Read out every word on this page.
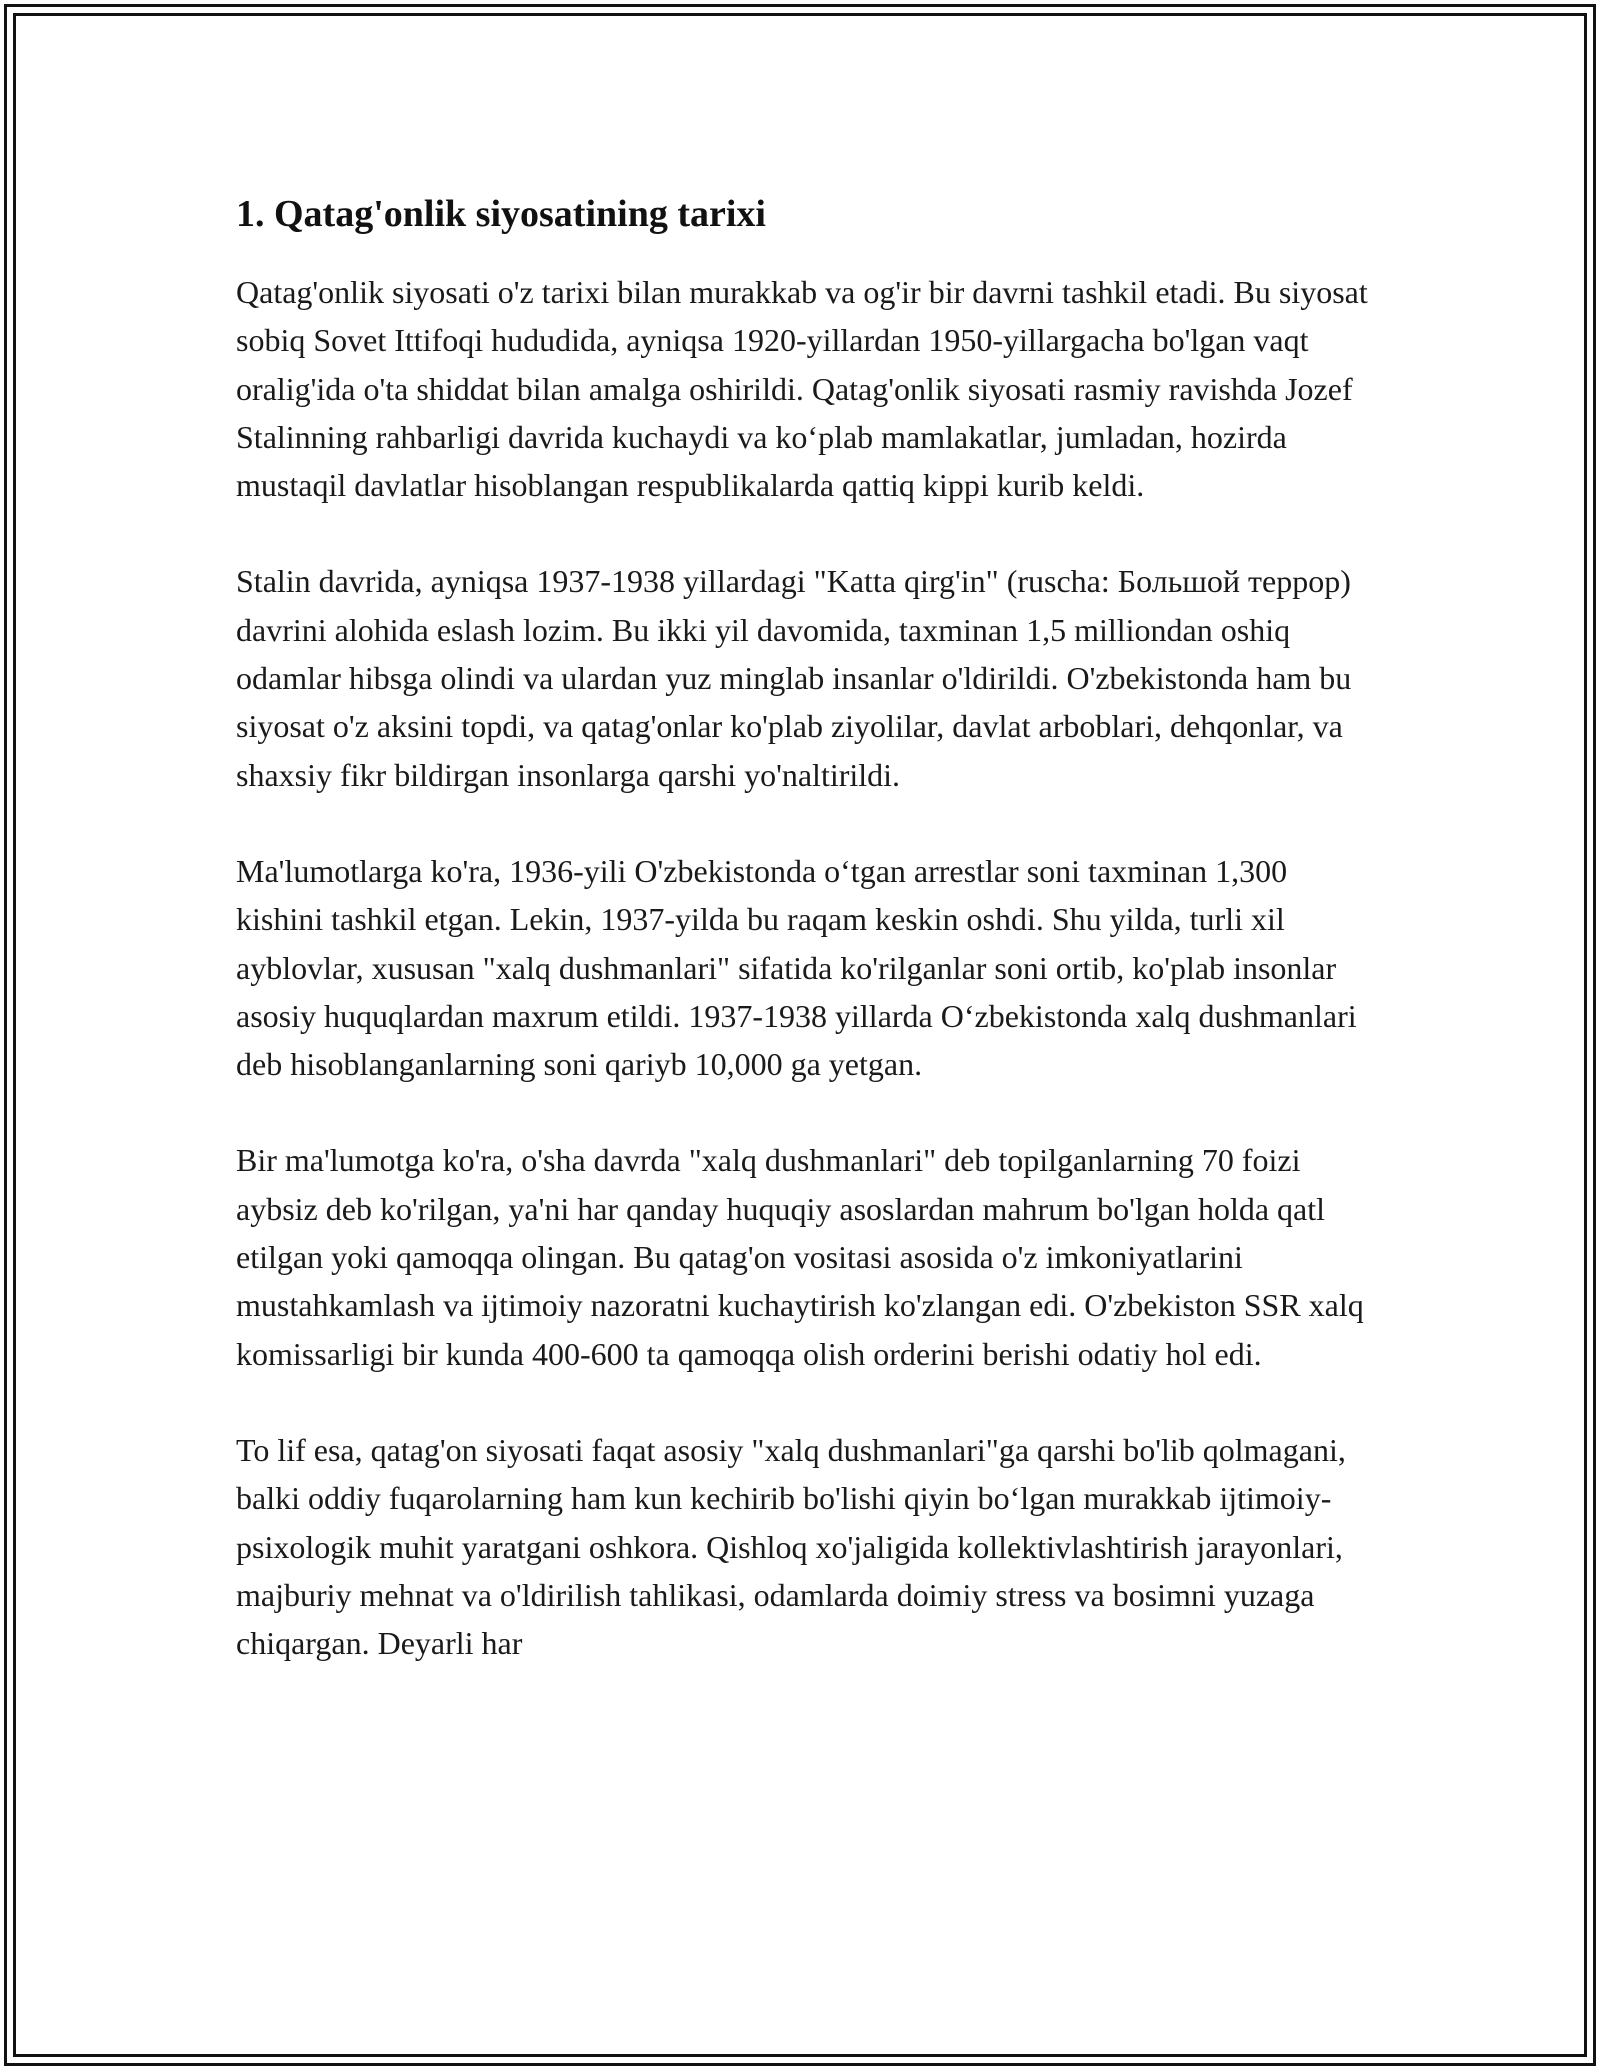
1. Qatag'onlik siyosatining tarixi

Qatag'onlik siyosati o'z tarixi bilan murakkab va og'ir bir davrni tashkil etadi. Bu siyosat sobiq Sovet Ittifoqi hududida, ayniqsa 1920-yillardan 1950-yillargacha bo'lgan vaqt oralig'ida o'ta shiddat bilan amalga oshirildi. Qatag'onlik siyosati rasmiy ravishda Jozef Stalinning rahbarligi davrida kuchaydi va ko‘plab mamlakatlar, jumladan, hozirda mustaqil davlatlar hisoblangan respublikalarda qattiq kippi kurib keldi.

Stalin davrida, ayniqsa 1937-1938 yillardagi "Katta qirg'in" (ruscha: Большой террор) davrini alohida eslash lozim. Bu ikki yil davomida, taxminan 1,5 milliondan oshiq odamlar hibsga olindi va ulardan yuz minglab insanlar o'ldirildi. O'zbekistonda ham bu siyosat o'z aksini topdi, va qatag'onlar ko'plab ziyolilar, davlat arboblari, dehqonlar, va shaxsiy fikr bildirgan insonlarga qarshi yo'naltirildi.

Ma'lumotlarga ko'ra, 1936-yili O'zbekistonda o‘tgan arrestlar soni taxminan 1,300 kishini tashkil etgan. Lekin, 1937-yilda bu raqam keskin oshdi. Shu yilda, turli xil ayblovlar, xususan "xalq dushmanlari" sifatida ko'rilganlar soni ortib, ko'plab insonlar asosiy huquqlardan maxrum etildi. 1937-1938 yillarda O‘zbekistonda xalq dushmanlari deb hisoblanganlarning soni qariyb 10,000 ga yetgan.

Bir ma'lumotga ko'ra, o'sha davrda "xalq dushmanlari" deb topilganlarning 70 foizi aybsiz deb ko'rilgan, ya'ni har qanday huquqiy asoslardan mahrum bo'lgan holda qatl etilgan yoki qamoqqa olingan. Bu qatag'on vositasi asosida o'z imkoniyatlarini mustahkamlash va ijtimoiy nazoratni kuchaytirish ko'zlangan edi. O'zbekiston SSR xalq komissarligi bir kunda 400-600 ta qamoqqa olish orderini berishi odatiy hol edi.

To lif esa, qatag'on siyosati faqat asosiy "xalq dushmanlari"ga qarshi bo'lib qolmagani, balki oddiy fuqarolarning ham kun kechirib bo'lishi qiyin bo‘lgan murakkab ijtimoiy-psixologik muhit yaratgani oshkora. Qishloq xo'jaligida kollektivlashtirish jarayonlari, majburiy mehnat va o'ldirilish tahlikasi, odamlarda doimiy stress va bosimni yuzaga chiqargan. Deyarli har
